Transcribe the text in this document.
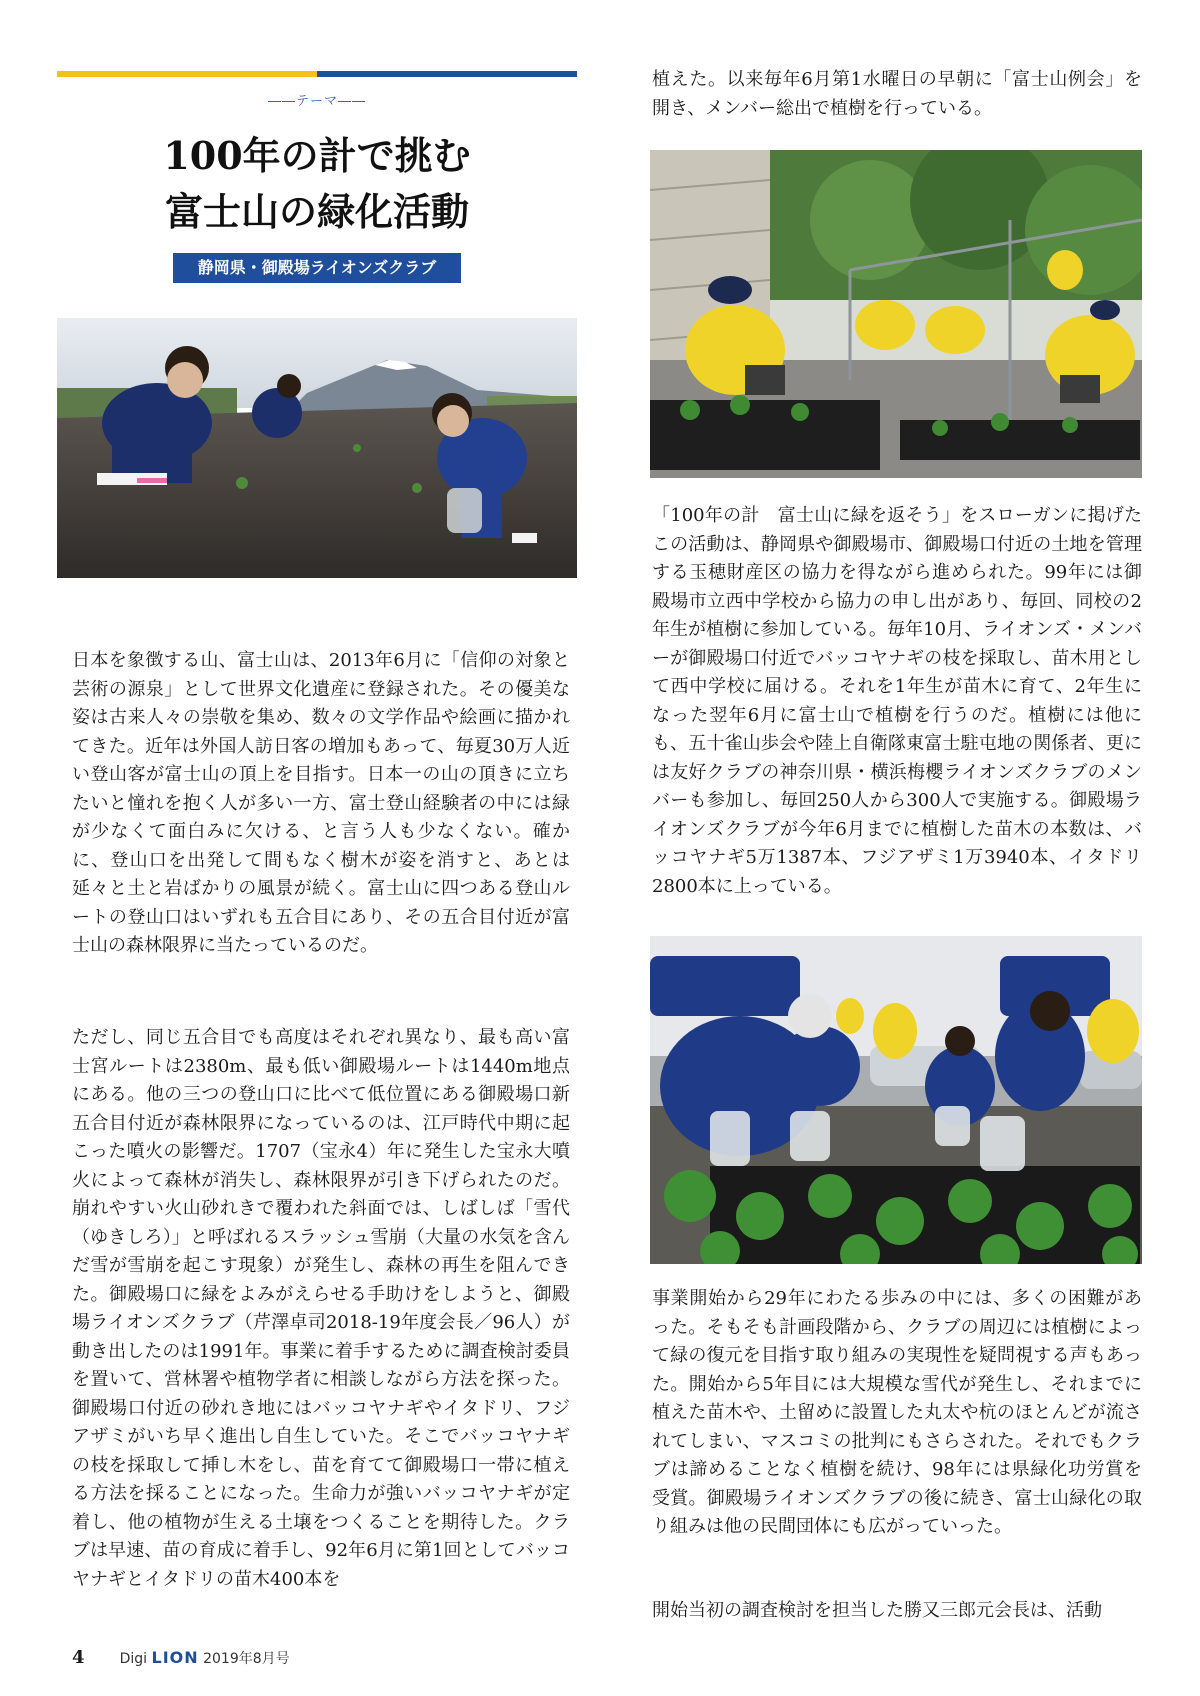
――テーマ――
100年の計で挑む
富士山の緑化活動
静岡県・御殿場ライオンズクラブ

日本を象徴する山、富士山は、2013年6月に「信仰の対象と芸術の源泉」として世界文化遺産に登録された。その優美な姿は古来人々の崇敬を集め、数々の文学作品や絵画に描かれてきた。近年は外国人訪日客の増加もあって、毎夏30万人近い登山客が富士山の頂上を目指す。日本一の山の頂きに立ちたいと憧れを抱く人が多い一方、富士登山経験者の中には緑が少なくて面白みに欠ける、と言う人も少なくない。確かに、登山口を出発して間もなく樹木が姿を消すと、あとは延々と土と岩ばかりの風景が続く。富士山に四つある登山ルートの登山口はいずれも五合目にあり、その五合目付近が富士山の森林限界に当たっているのだ。

ただし、同じ五合目でも高度はそれぞれ異なり、最も高い富士宮ルートは2380m、最も低い御殿場ルートは1440m地点にある。他の三つの登山口に比べて低位置にある御殿場口新五合目付近が森林限界になっているのは、江戸時代中期に起こった噴火の影響だ。1707（宝永4）年に発生した宝永大噴火によって森林が消失し、森林限界が引き下げられたのだ。崩れやすい火山砂れきで覆われた斜面では、しばしば「雪代（ゆきしろ）」と呼ばれるスラッシュ雪崩（大量の水気を含んだ雪が雪崩を起こす現象）が発生し、森林の再生を阻んできた。御殿場口に緑をよみがえらせる手助けをしようと、御殿場ライオンズクラブ（芹澤卓司2018-19年度会長／96人）が動き出したのは1991年。事業に着手するために調査検討委員を置いて、営林署や植物学者に相談しながら方法を探った。御殿場口付近の砂れき地にはバッコヤナギやイタドリ、フジアザミがいち早く進出し自生していた。そこでバッコヤナギの枝を採取して挿し木をし、苗を育てて御殿場口一帯に植える方法を採ることになった。生命力が強いバッコヤナギが定着し、他の植物が生える土壌をつくることを期待した。クラブは早速、苗の育成に着手し、92年6月に第1回としてバッコヤナギとイタドリの苗木400本を

植えた。以来毎年6月第1水曜日の早朝に「富士山例会」を開き、メンバー総出で植樹を行っている。

「100年の計　富士山に緑を返そう」をスローガンに掲げたこの活動は、静岡県や御殿場市、御殿場口付近の土地を管理する玉穂財産区の協力を得ながら進められた。99年には御殿場市立西中学校から協力の申し出があり、毎回、同校の2年生が植樹に参加している。毎年10月、ライオンズ・メンバーが御殿場口付近でバッコヤナギの枝を採取し、苗木用として西中学校に届ける。それを1年生が苗木に育て、2年生になった翌年6月に富士山で植樹を行うのだ。植樹には他にも、五十雀山歩会や陸上自衛隊東富士駐屯地の関係者、更には友好クラブの神奈川県・横浜梅櫻ライオンズクラブのメンバーも参加し、毎回250人から300人で実施する。御殿場ライオンズクラブが今年6月までに植樹した苗木の本数は、バッコヤナギ5万1387本、フジアザミ1万3940本、イタドリ2800本に上っている。

事業開始から29年にわたる歩みの中には、多くの困難があった。そもそも計画段階から、クラブの周辺には植樹によって緑の復元を目指す取り組みの実現性を疑問視する声もあった。開始から5年目には大規模な雪代が発生し、それまでに植えた苗木や、土留めに設置した丸太や杭のほとんどが流されてしまい、マスコミの批判にもさらされた。それでもクラブは諦めることなく植樹を続け、98年には県緑化功労賞を受賞。御殿場ライオンズクラブの後に続き、富士山緑化の取り組みは他の民間団体にも広がっていった。

開始当初の調査検討を担当した勝又三郎元会長は、活動

4	Digi LION 2019年8月号
